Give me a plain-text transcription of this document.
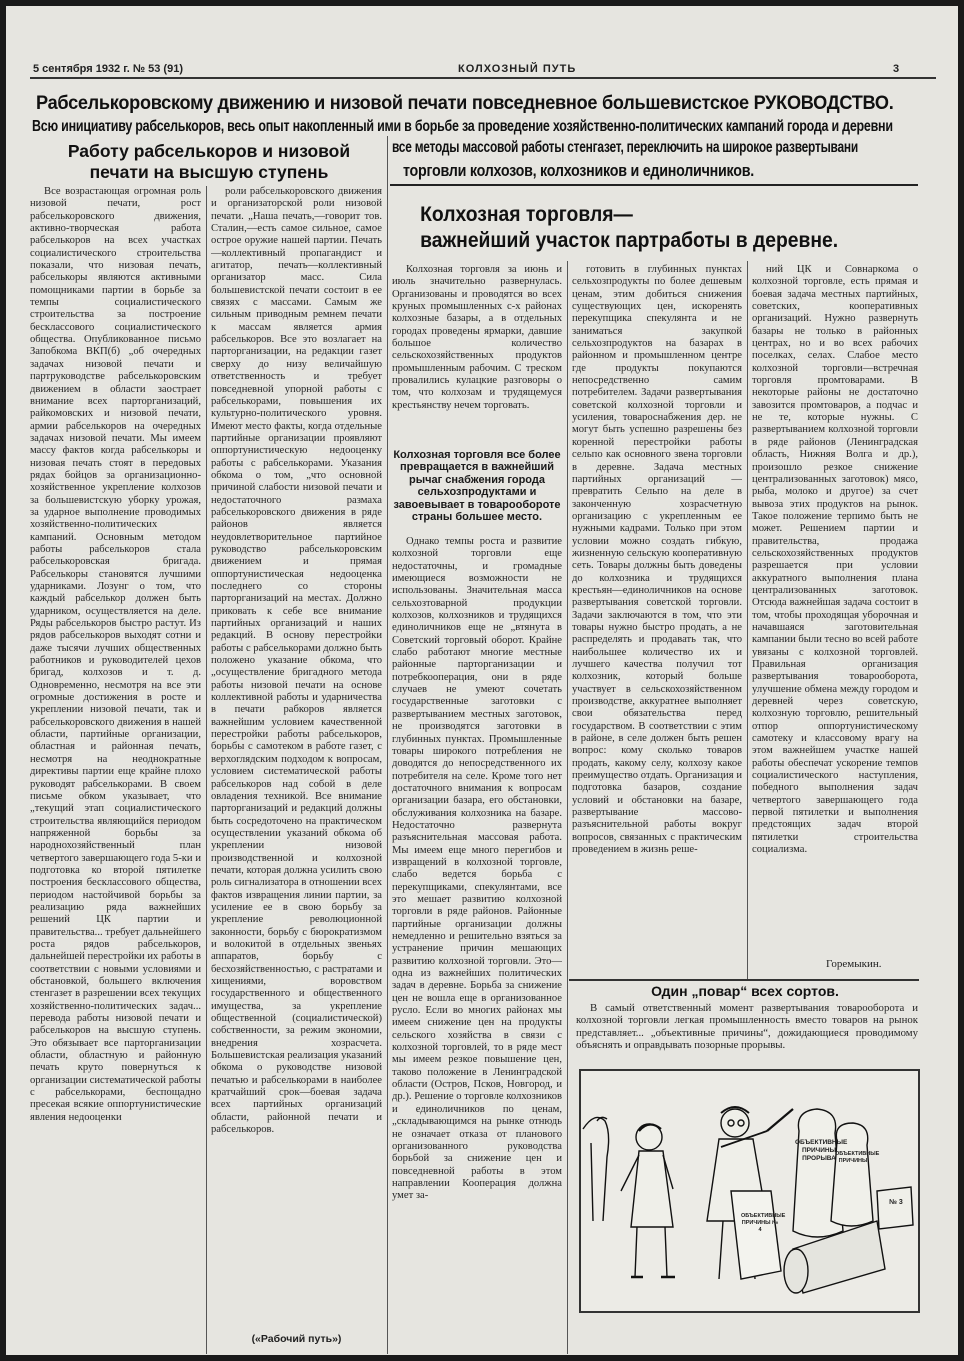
5 сентября 1932 г. № 53 (91)	КОЛХОЗНЫЙ ПУТЬ	3
Рабселькоровскому движению и низовой печати повседневное большевистское РУКОВОДСТВО.
Всю инициативу рабселькоров, весь опыт накопленный ими в борьбе за проведение хозяйственно-политических кампаний города и деревни
все методы массовой работы стенгазет, переключить на широкое развертывани
торговли колхозов, колхозников и единоличников.
Работу рабселькоров и низовой
печати на высшую ступень

Все возрастающая огромная роль низовой печати, рост рабселькоровского движения, активно-творческая работа рабселькоров на всех участках социалистического строительства показали, что низовая печать, рабселькоры являются активными помощниками партии в борьбе за темпы социалистического строительства за построение бесклассового социалистического общества. Опубликованное письмо Запобкома ВКП(б) „об очередных задачах низовой печати и партруководстве рабселькоровским движением в области заострает внимание всех парторганизаций, райкомовских и низовой печати, армии рабселькоров на очередных задачах низовой печати. Мы имеем массу фактов когда рабселькоры и низовая печать стоят в передовых рядах бойцов за организационно-хозяйственное укрепление колхозов за большевистскую уборку урожая, за ударное выполнение проводимых хозяйственно-политических кампаний. Основным методом работы рабселькоров стала рабселькоровская бригада. Рабселькоры становятся лучшими ударниками. Лозунг о том, что каждый рабселькор должен быть ударником, осуществляется на деле. Ряды рабселькоров быстро растут. Из рядов рабселькоров выходят сотни и даже тысячи лучших общественных работников и руководителей цехов бригад, колхозов и т. д. Одновременно, несмотря на все эти огромные достижения в росте и укреплении низовой печати, так и рабселькоровского движения в нашей области, партийные организации, областная и районная печать, несмотря на неоднократные директивы партии еще крайне плохо руководят рабселькорами. В своем письме обком указывает, что „текущий этап социалистического строительства являющийся периодом напряженной борьбы за народнохозяйственный план четвертого завершающего года 5-ки и подготовка ко второй пятилетке построения бесклассового общества, периодом настойчивой борьбы за реализацию ряда важнейших решений ЦК партии и правительства... требует дальнейшего роста рядов рабселькоров, дальнейшей перестройки их работы в соответствии с новыми условиями и обстановкой, большего включения стенгазет в разрешении всех текущих хозяйственно-политических задач... перевода работы низовой печати и рабселькоров на высшую ступень. Это обязывает все парторганизации области, областную и районную печать круто повернуться к организации систематической работы с рабселькорами, беспощадно пресекая всякие оппортунистические явления недооценки

роли рабселькоровского движения и организаторской роли низовой печати. „Наша печать,—говорит тов. Сталин,—есть самое сильное, самое острое оружие нашей партии. Печать—коллективный пропагандист и агитатор, печать—коллективный организатор масс. Сила большевистской печати состоит в ее связях с массами. Самым же сильным приводным ремнем печати к массам является армия рабселькоров. Все это возлагает на парторганизации, на редакции газет сверху до низу величайшую ответственность и требует повседневной упорной работы с рабселькорами, повышения их культурно-политического уровня. Имеют место факты, когда отдельные партийные организации проявляют оппортунистическую недооценку работы с рабселькорами. Указания обкома о том, „что основной причиной слабости низовой печати и недостаточного размаха рабселькоровского движения в ряде районов является неудовлетворительное партийное руководство рабселькоровским движением и прямая оппортунистическая недооценка последнего со стороны парторганизаций на местах. Должно приковать к себе все внимание партийных организаций и наших редакций. В основу перестройки работы с рабселькорами должно быть положено указание обкома, что „осуществление бригадного метода работы низовой печати на основе коллективной работы и ударничества в печати рабкоров является важнейшим условием качественной перестройки работы рабселькоров, борьбы с самотеком в работе газет, с верхоглядским подходом к вопросам, условием систематической работы рабселькоров над собой в деле овладения техникой. Все внимание парторганизаций и редакций должны быть сосредоточено на практическом осуществлении указаний обкома об укреплении низовой производственной и колхозной печати, которая должна усилить свою роль сигнализатора в отношении всех фактов извращения линии партии, за усиление ее в свою борьбу за укрепление революционной законности, борьбу с бюрократизмом и волокитой в отдельных звеньях аппаратов, борьбу с бесхозяйственностью, с растратами и хищениями, воровством государственного и общественного имущества, за укрепление общественной (социалистической) собственности, за режим экономии, внедрения хозрасчета. Большевистская реализация указаний обкома о руководстве низовой печатью и рабселькорами в наиболее кратчайший срок—боевая задача всех партийных организаций области, районной печати и рабселькоров.

(«Рабочий путь»)
Колхозная торговля—
важнейший участок партработы в деревне.

Колхозная торговля за июнь и июль значительно развернулась. Организованы и проводятся во всех круных промышленных с-х районах колхозные базары, а в отдельных городах проведены ярмарки, давшие большое количество сельскохозяйственных продуктов промышленным рабочим. С треском провалились кулацкие разговоры о том, что колхозам и трудящемуся крестьянству нечем торговать.

Колхозная торговля все более превращается в важнейший рычаг снабжения города сельхозпродуктами и завоевывает в товарообороте страны большее место.

Однако темпы роста и развитие колхозной торговли еще недостаточны, и громадные имеющиеся возможности не использованы. Значительная масса сельхозтоварной продукции колхозов, колхозников и трудящихся единоличников еще не „втянута в Советский торговый оборот. Крайне слабо работают многие местные районные парторганизации и потребкооперация, они в ряде случаев не умеют сочетать государственные заготовки с развертыванием местных заготовок, не производятся заготовки в глубинных пунктах. Промышленные товары широкого потребления не доводятся до непосредственного их потребителя на селе. Кроме того нет достаточного внимания к вопросам организации базара, его обстановки, обслуживания колхозника на базаре. Недостаточно развернута разъяснительная массовая работа. Мы имеем еще много перегибов и извращений в колхозной торговле, слабо ведется борьба с перекупщиками, спекулянтами, все это мешает развитию колхозной торговли в ряде районов. Районные партийные организации должны немедленно и решительно взяться за устранение причин мешающих развитию колхозной торговли. Это—одна из важнейших политических задач в деревне. Борьба за снижение цен не вошла еще в организованное русло. Если во многих районах мы имеем снижение цен на продукты сельского хозяйства в связи с колхозной торговлей, то в ряде мест мы имеем резкое повышение цен, таково положение в Ленинградской области (Остров, Псков, Новгород, и др.). Решение о торговле колхозников и единоличников по ценам, „складывающимся на рынке отнюдь не означает отказа от планового организованного руководства борьбой за снижение цен и повседневной работы в этом направлении Кооперация должна умет за-

готовить в глубинных пунктах сельхозпродукты по более дешевым ценам, этим добиться снижения существующих цен, искоренять перекупщика спекулянта и не заниматься закупкой сельхозпродуктов на базарах в районном и промышленном центре где продукты покупаются непосредственно самим потребителем. Задачи развертывания советской колхозной торговли и усиления, товароснабжения дер. не могут быть успешно разрешены без коренной перестройки работы сельпо как основного звена торговли в деревне. Задача местных партийных организаций — превратить Сельпо на деле в законченную хозрасчетную организацию с укрепленным ее нужными кадрами. Только при этом условии можно создать гибкую, жизненную сельскую кооперативную сеть. Товары должны быть доведены до колхозника и трудящихся крестьян—единоличников на основе развертывания советской торговли. Задачи заключаются в том, что эти товары нужно быстро продать, а не распределять и продавать так, что наибольшее количество их и лучшего качества получил тот колхозник, который больше участвует в сельскохозяйственном производстве, аккуратнее выполняет свои обязательства перед государством. В соответствии с этим в районе, в селе должен быть решен вопрос: кому сколько товаров продать, какому селу, колхозу какое преимущество отдать. Организация и подготовка базаров, создание условий и обстановки на базаре, развертывание массово-разъяснительной работы вокруг вопросов, связанных с практическим проведением в жизнь реше-

ний ЦК и Совнаркома о колхозной торговле, есть прямая и боевая задача местных партийных, советских, кооперативных организаций. Нужно развернуть базары не только в районных центрах, но и во всех рабочих поселках, селах. Слабое место колхозной торговли—встречная торговля промтоварами. В некоторые районы не достаточно завозится промтоваров, а подчас и не те, которые нужны. С развертыванием колхозной торговли в ряде районов (Ленинградская область, Нижняя Волга и др.), произошло резкое снижение централизованных заготовок) мясо, рыба, молоко и другое) за счет вывоза этих продуктов на рынок. Такое положение терпимо быть не может. Решением партии и правительства, продажа сельскохозяйственных продуктов разрешается при условии аккуратного выполнения плана централизованных заготовок. Отсюда важнейшая задача состоит в том, чтобы проходящая уборочная и начавшаяся заготовительная кампании были тесно во всей работе увязаны с колхозной торговлей. Правильная организация развертывания товарооборота, улучшение обмена между городом и деревней через советскую, колхозную торговлю, решительный отпор оппортунистическому самотеку и классовому врагу на этом важнейшем участке нашей работы обеспечат ускорение темпов социалистического наступления, победного выполнения задач четвертого завершающего года первой пятилетки и выполнения предстоящих задач второй пятилетки строительства социализма.

Горемыкин.
Один „повар“ всех сортов.

В самый ответственный момент развертывания товарооборота и колхозной торговли легкая промышленность вместо товаров на рынок представляет... „объективные причины“, дожидающиеся проводимому объяснять и оправдывать позорные прорывы.

ОБЪЕКТИВНЫЕ ПРИЧИНЫ ПРОРЫВА
ОБЪЕКТИВНЫЕ ПРИЧИНЫ
ОБЪЕКТИВНЫЕ ПРИЧИНЫ № 4
№ 3
